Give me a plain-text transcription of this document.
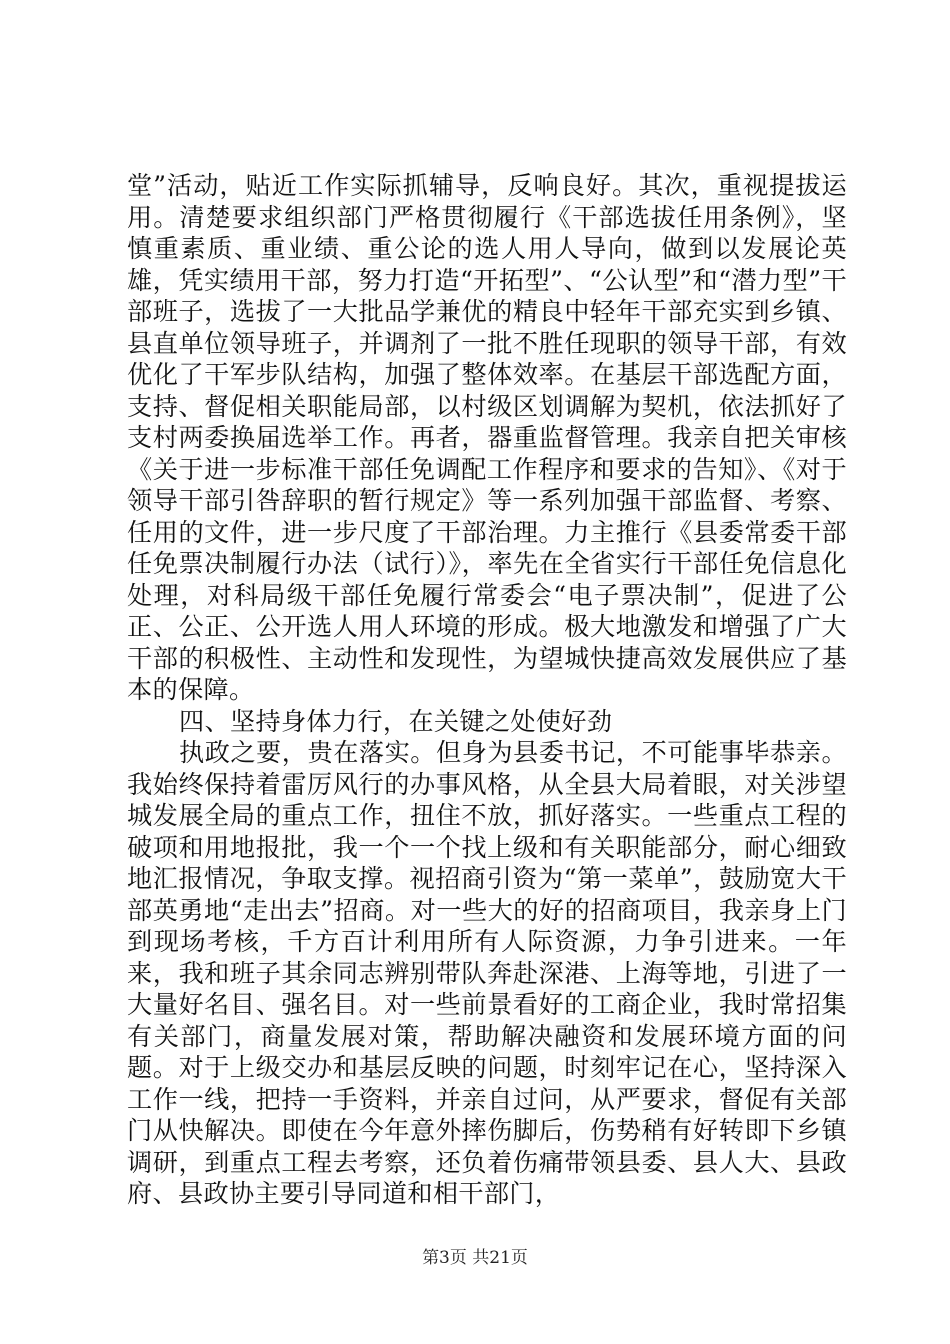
堂”活动，贴近工作实际抓辅导，反响良好。其次，重视提拔运用。清楚要求组织部门严格贯彻履行《干部选拔任用条例》，坚慎重素质、重业绩、重公论的选人用人导向，做到以发展论英雄，凭实绩用干部，努力打造“开拓型”、“公认型”和“潜力型”干部班子，选拔了一大批品学兼优的精良中轻年干部充实到乡镇、县直单位领导班子，并调剂了一批不胜任现职的领导干部，有效优化了干军步队结构，加强了整体效率。在基层干部选配方面，支持、督促相关职能局部，以村级区划调解为契机，依法抓好了支村两委换届选举工作。再者，器重监督管理。我亲自把关审核《关于进一步标准干部任免调配工作程序和要求的告知》、《对于领导干部引咎辞职的暂行规定》等一系列加强干部监督、考察、任用的文件，进一步尺度了干部治理。力主推行《县委常委干部任免票决制履行办法（试行）》，率先在全省实行干部任免信息化处理，对科局级干部任免履行常委会“电子票决制”，促进了公正、公正、公开选人用人环境的形成。极大地激发和增强了广大干部的积极性、主动性和发现性，为望城快捷高效发展供应了基本的保障。

四、坚持身体力行，在关键之处使好劲

执政之要，贵在落实。但身为县委书记，不可能事毕恭亲。我始终保持着雷厉风行的办事风格，从全县大局着眼，对关涉望城发展全局的重点工作，扭住不放，抓好落实。一些重点工程的破项和用地报批，我一个一个找上级和有关职能部分，耐心细致地汇报情况，争取支撑。视招商引资为“第一菜单”，鼓励宽大干部英勇地“走出去”招商。对一些大的好的招商项目，我亲身上门到现场考核，千方百计利用所有人际资源，力争引进来。一年来，我和班子其余同志辨别带队奔赴深港、上海等地，引进了一大量好名目、强名目。对一些前景看好的工商企业，我时常招集有关部门，商量发展对策，帮助解决融资和发展环境方面的问题。对于上级交办和基层反映的问题，时刻牢记在心，坚持深入工作一线，把持一手资料，并亲自过问，从严要求，督促有关部门从快解决。即使在今年意外摔伤脚后，伤势稍有好转即下乡镇调研，到重点工程去考察，还负着伤痛带领县委、县人大、县政府、县政协主要引导同道和相干部门，

第3页 共21页
